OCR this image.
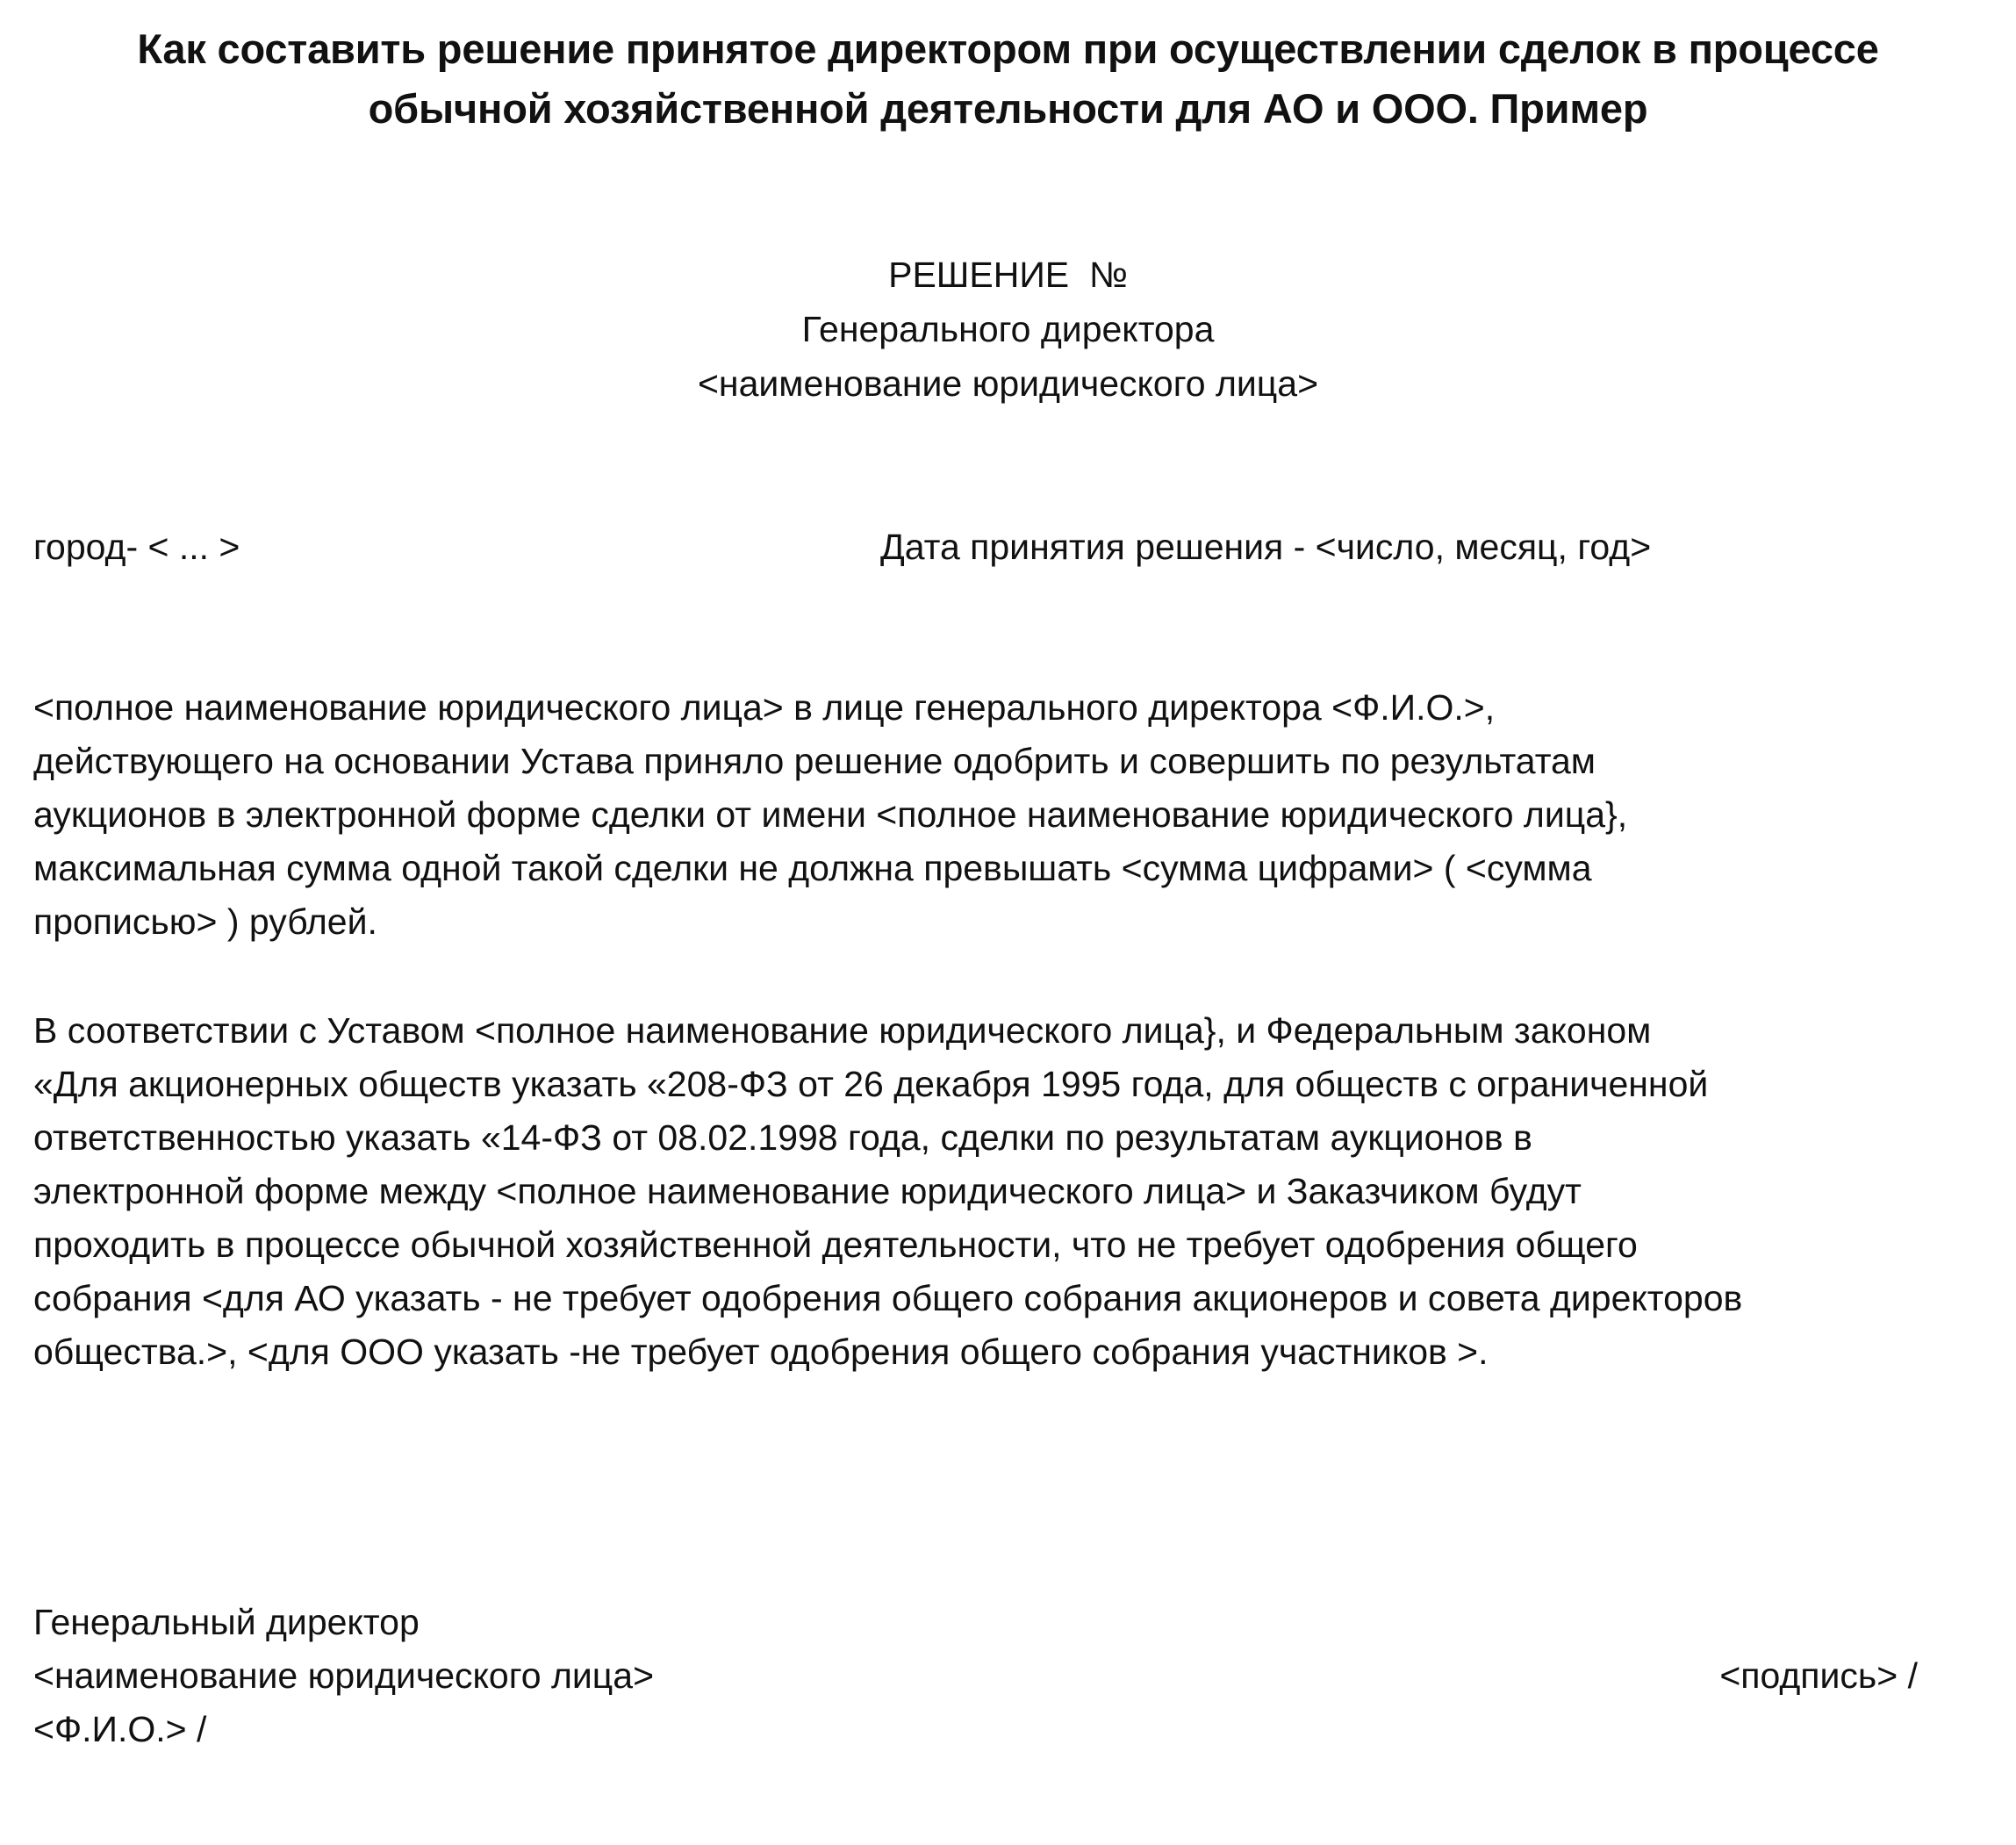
Как составить решение принятое директором при осуществлении сделок в процессе
обычной хозяйственной деятельности для АО и ООО. Пример
РЕШЕНИЕ  №
Генерального директора
<наименование юридического лица>
город- < ... >	Дата принятия решения - <число, месяц, год>
<полное наименование юридического лица> в лице генерального директора <Ф.И.О.>,
действующего на основании Устава приняло решение одобрить и совершить по результатам
аукционов в электронной форме сделки от имени <полное наименование юридического лица},
максимальная сумма одной такой сделки не должна превышать <сумма цифрами> ( <сумма
прописью> ) рублей.
В соответствии с Уставом <полное наименование юридического лица}, и Федеральным законом
«Для акционерных обществ указать «208-ФЗ от 26 декабря 1995 года, для обществ с ограниченной
ответственностью указать «14-ФЗ от 08.02.1998 года, сделки по результатам аукционов в
электронной форме между <полное наименование юридического лица> и Заказчиком будут
проходить в процессе обычной хозяйственной деятельности, что не требует одобрения общего
собрания <для АО указать - не требует одобрения общего собрания акционеров и совета директоров
общества.>, <для ООО указать -не требует одобрения общего собрания участников >.
Генеральный директор
<наименование юридического лица>
<Ф.И.О.> /
<подпись> /
